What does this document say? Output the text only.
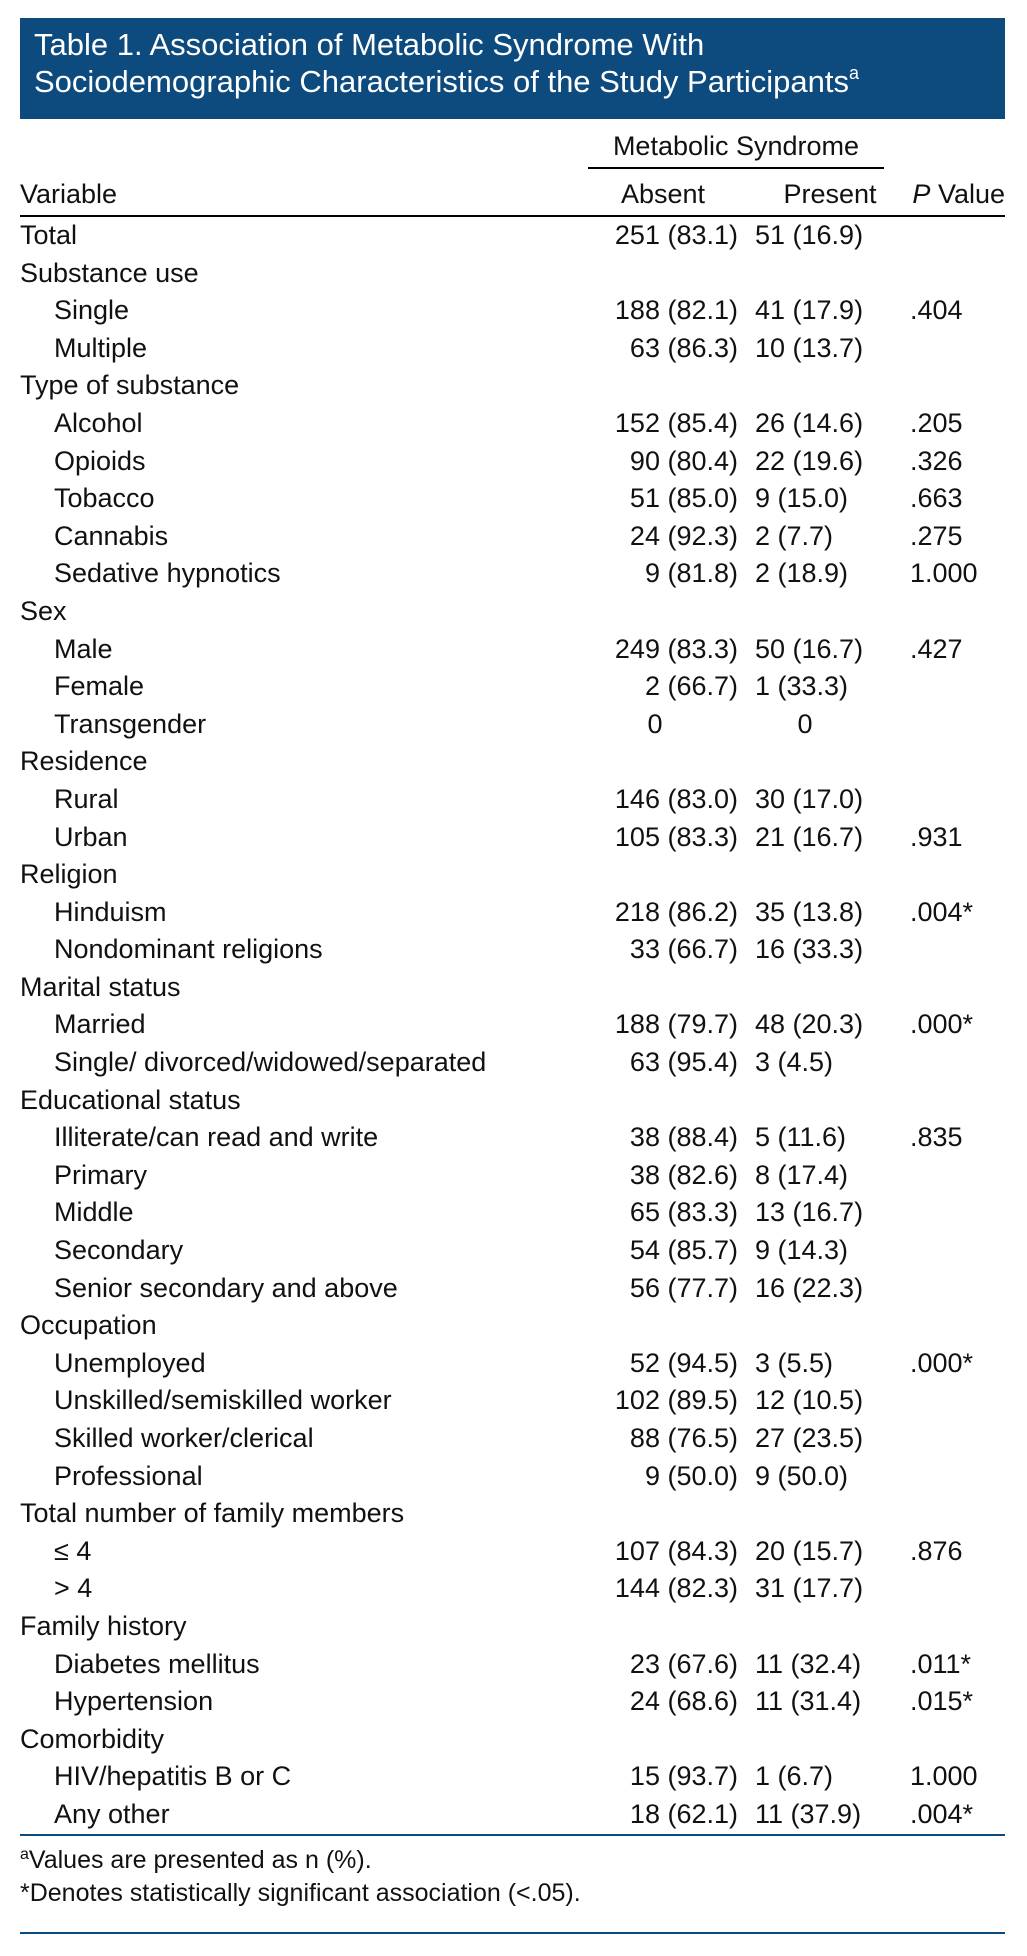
Table 1. Association of Metabolic Syndrome With
Sociodemographic Characteristics of the Study Participants$^a$
Metabolic Syndrome
Variable	Absent	Present	P Value
Total	251 (83.1) 51 (16.9)
Substance use
Single	188 (82.1) 41 (17.9)	.404
Multiple	63 (86.3) 10 (13.7)
Type of substance
Alcohol	152 (85.4) 26 (14.6)	.205
Opioids	90 (80.4) 22 (19.6)	.326
Tobacco	51 (85.0) 9 (15.0)	.663
Cannabis	24 (92.3) 2 (7.7)	.275
Sedative hypnotics	9 (81.8) 2 (18.9)	1.000
Sex
Male	249 (83.3) 50 (16.7)	.427
Female	2 (66.7) 1 (33.3)
Transgender	0	0
Residence
Rural	146 (83.0) 30 (17.0)
Urban	105 (83.3) 21 (16.7)	.931
Religion
Hinduism	218 (86.2) 35 (13.8)	.004*
Nondominant religions	33 (66.7) 16 (33.3)
Marital status
Married	188 (79.7) 48 (20.3)	.000*
Single/ divorced/widowed/separated	63 (95.4) 3 (4.5)
Educational status
Illiterate/can read and write	38 (88.4) 5 (11.6)	.835
Primary	38 (82.6) 8 (17.4)
Middle	65 (83.3) 13 (16.7)
Secondary	54 (85.7) 9 (14.3)
Senior secondary and above	56 (77.7) 16 (22.3)
Occupation
Unemployed	52 (94.5) 3 (5.5)	.000*
Unskilled/semiskilled worker	102 (89.5) 12 (10.5)
Skilled worker/clerical	88 (76.5) 27 (23.5)
Professional	9 (50.0) 9 (50.0)
Total number of family members
≤ 4	107 (84.3) 20 (15.7)	.876
> 4	144 (82.3) 31 (17.7)
Family history
Diabetes mellitus	23 (67.6) 11 (32.4)	.011*
Hypertension	24 (68.6) 11 (31.4)	.015*
Comorbidity
HIV/hepatitis B or C	15 (93.7) 1 (6.7)	1.000
Any other	18 (62.1) 11 (37.9)	.004*
$^a$Values are presented as n (%).
*Denotes statistically significant association (<.05).
